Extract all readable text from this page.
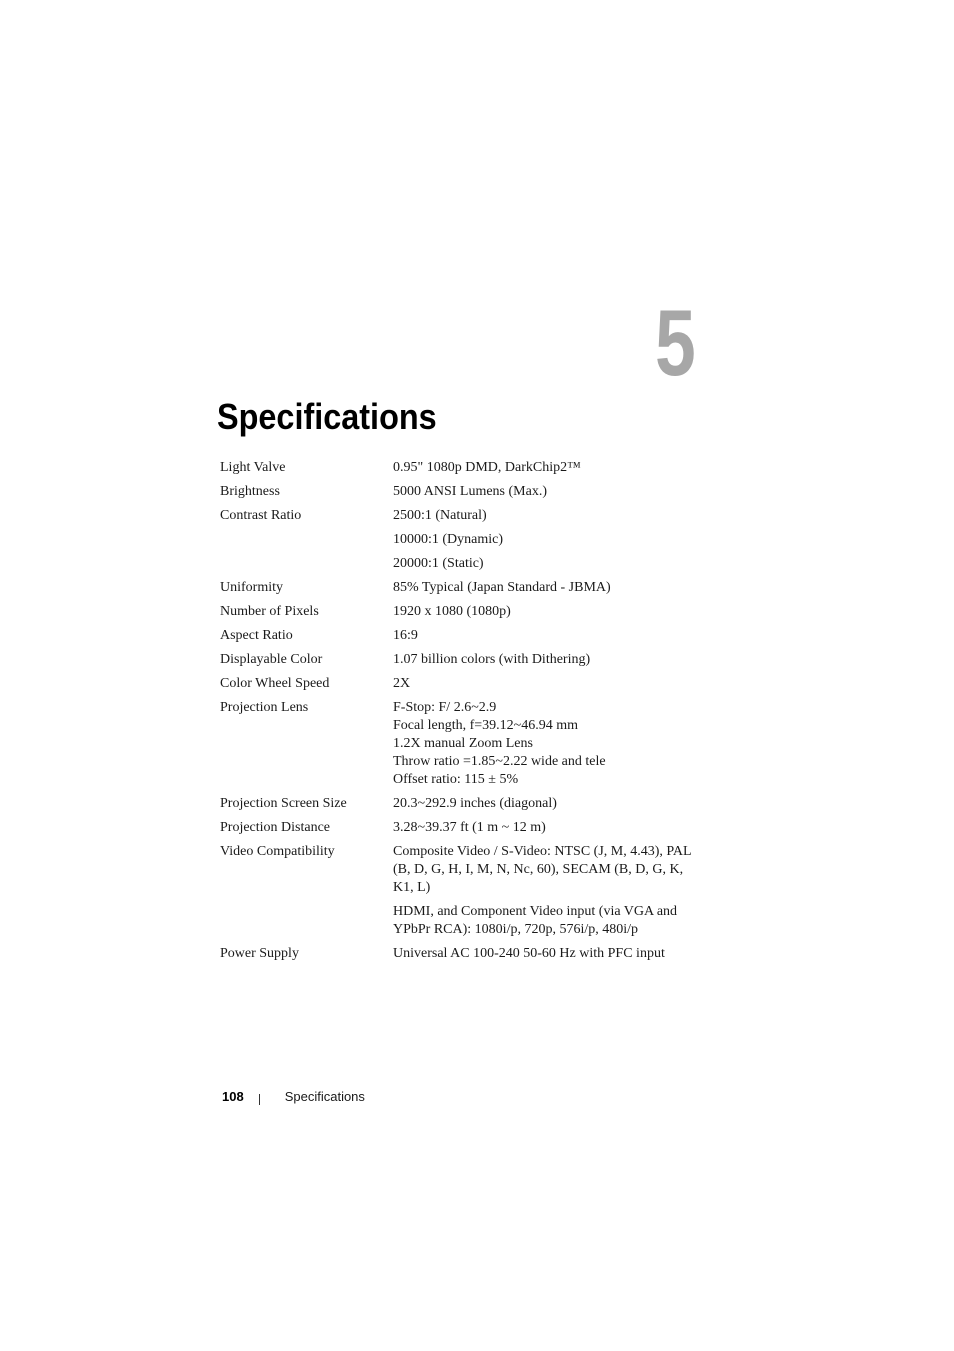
5
Specifications
Light Valve	0.95" 1080p DMD, DarkChip2™
Brightness	5000 ANSI Lumens (Max.)
Contrast Ratio	2500:1 (Natural)
10000:1 (Dynamic)
20000:1 (Static)
Uniformity	85% Typical (Japan Standard - JBMA)
Number of Pixels	1920 x 1080 (1080p)
Aspect Ratio	16:9
Displayable Color	1.07 billion colors (with Dithering)
Color Wheel Speed	2X
Projection Lens	F-Stop: F/ 2.6~2.9
Focal length, f=39.12~46.94 mm
1.2X manual Zoom Lens
Throw ratio =1.85~2.22 wide and tele
Offset ratio: 115 ± 5%
Projection Screen Size	20.3~292.9 inches (diagonal)
Projection Distance	3.28~39.37 ft (1 m ~ 12 m)
Video Compatibility	Composite Video / S-Video: NTSC (J, M, 4.43), PAL
(B, D, G, H, I, M, N, Nc, 60), SECAM (B, D, G, K,
K1, L)
HDMI, and Component Video input (via VGA and
YPbPr RCA): 1080i/p, 720p, 576i/p, 480i/p
Power Supply	Universal AC 100-240 50-60 Hz with PFC input
108	Specifications
